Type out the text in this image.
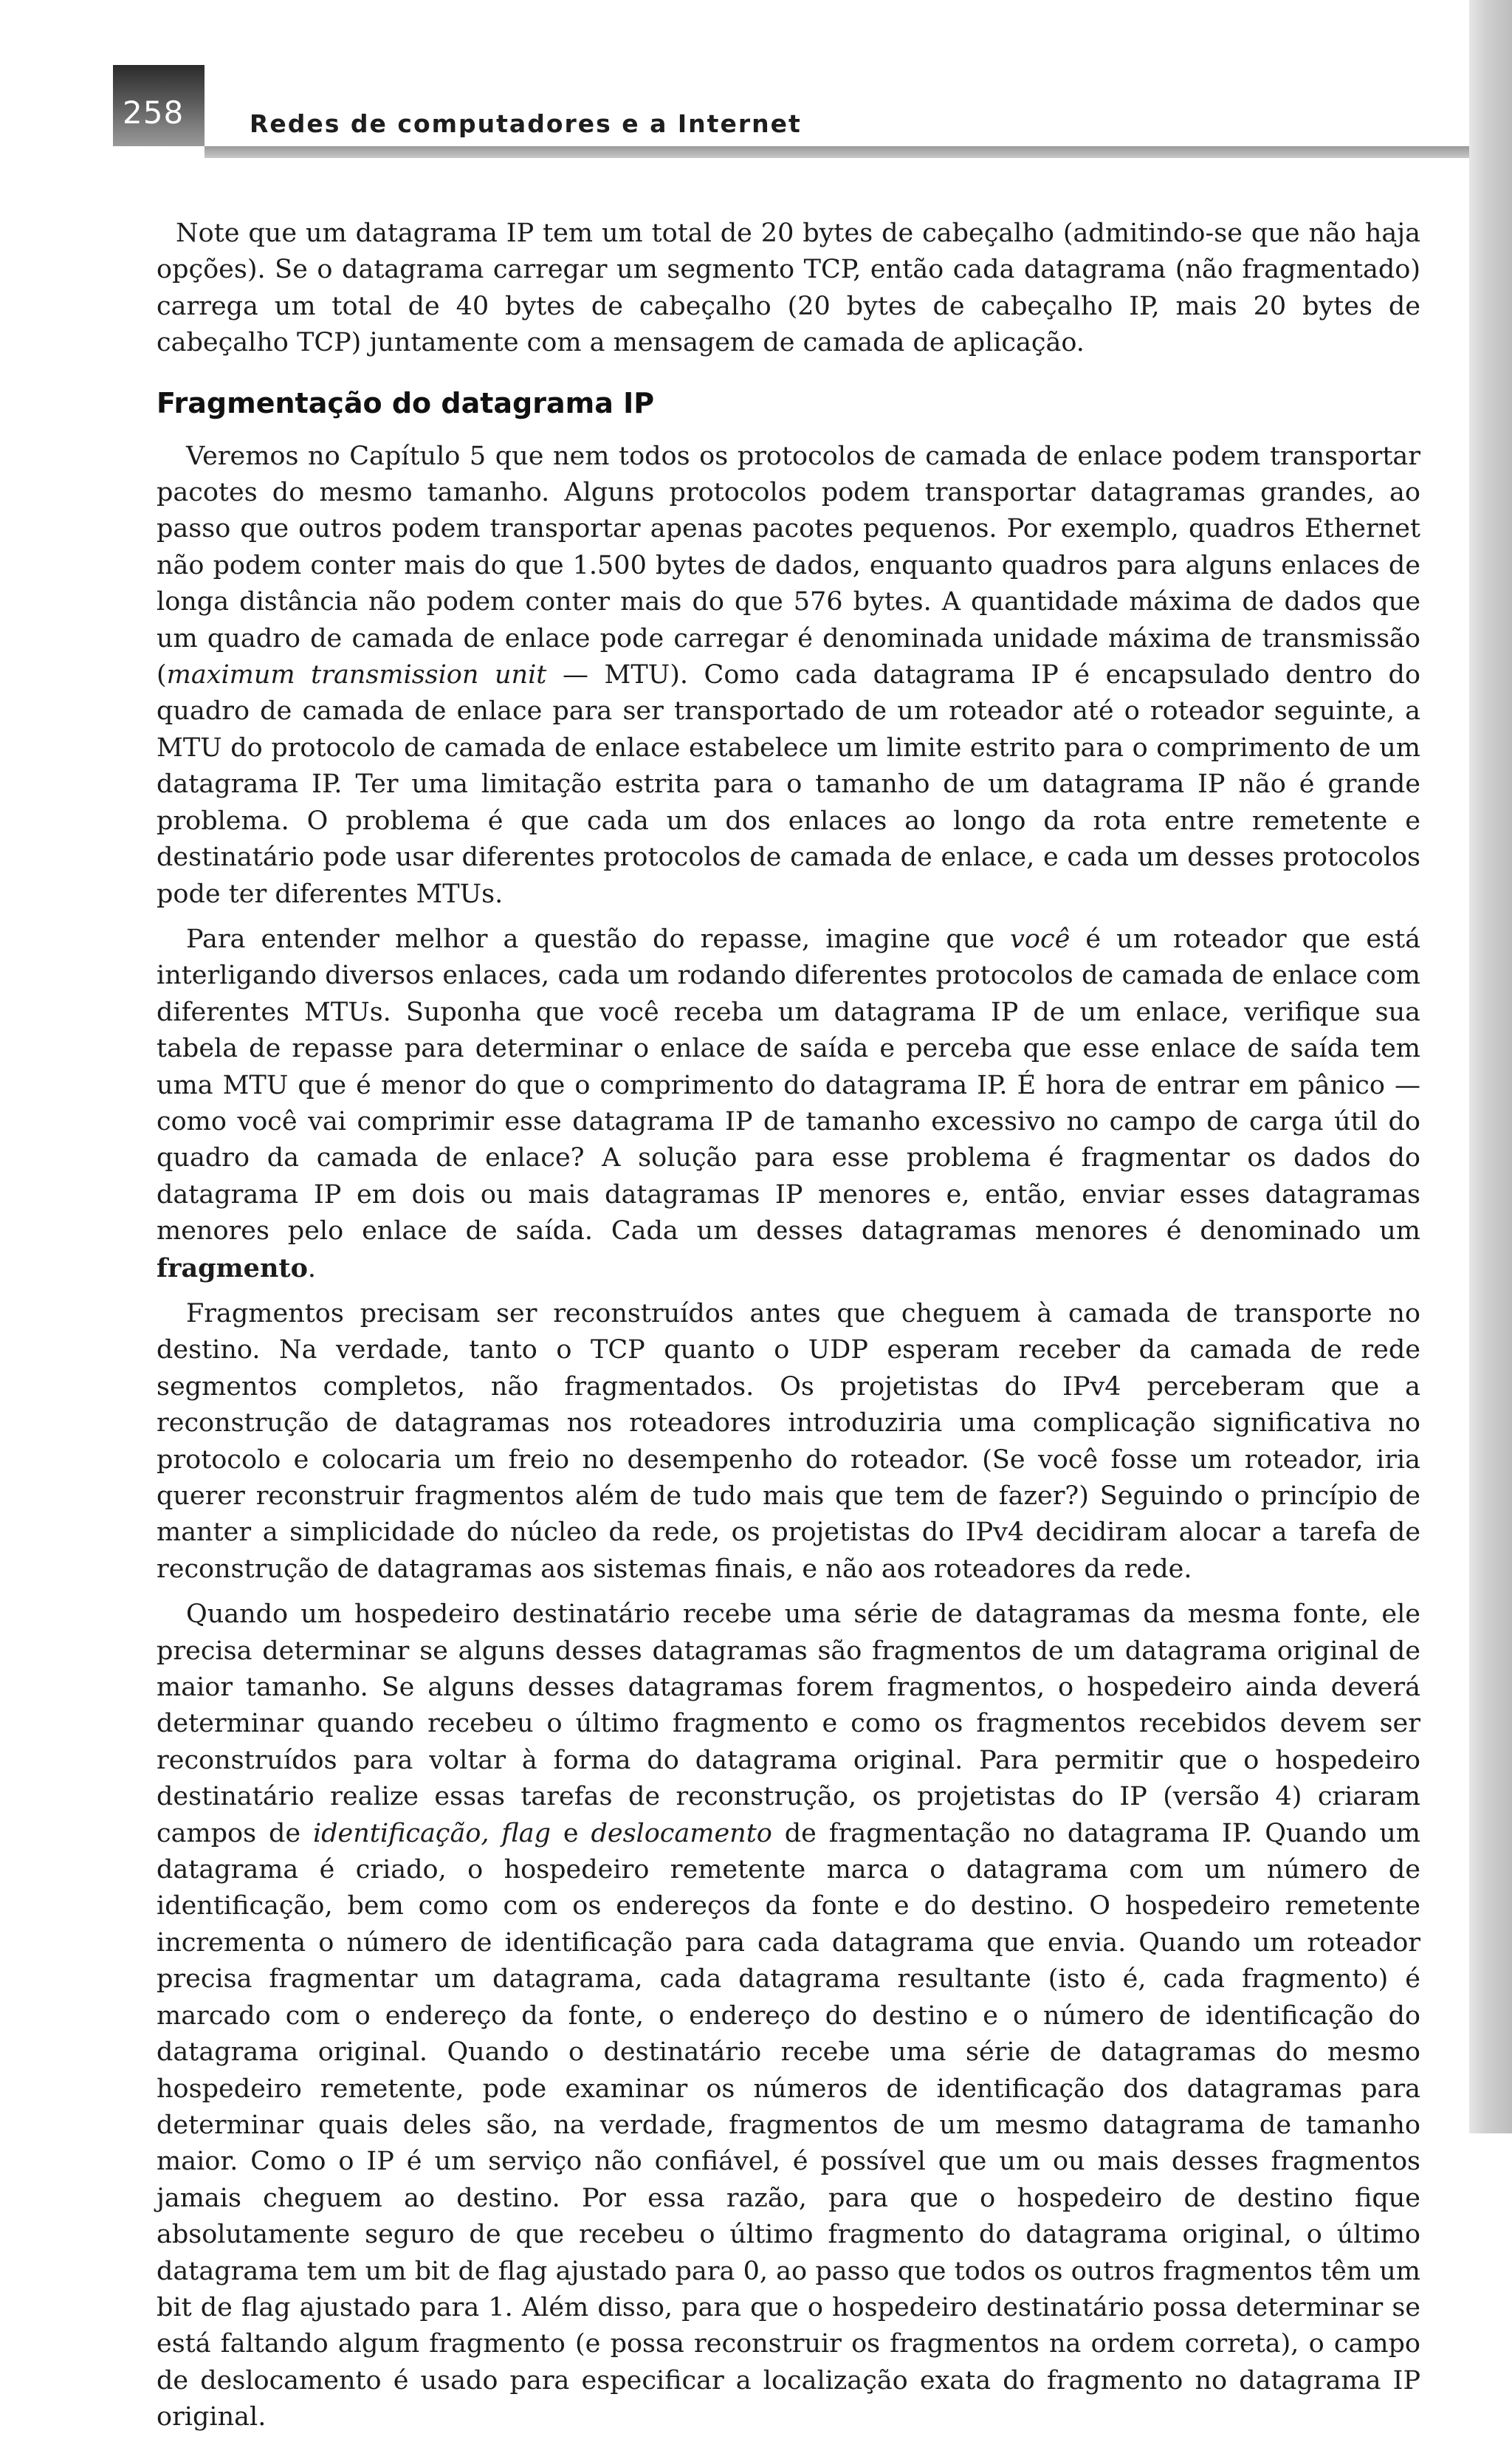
258	Redes de computadores e a Internet

Note que um datagrama IP tem um total de 20 bytes de cabeçalho (admitindo-se que não haja opções). Se o datagrama carregar um segmento TCP, então cada datagrama (não fragmentado) carrega um total de 40 bytes de cabeçalho (20 bytes de cabeçalho IP, mais 20 bytes de cabeçalho TCP) juntamente com a mensagem de camada de aplicação.

Fragmentação do datagrama IP

Veremos no Capítulo 5 que nem todos os protocolos de camada de enlace podem transportar pacotes do mesmo tamanho. Alguns protocolos podem transportar datagramas grandes, ao passo que outros podem transportar apenas pacotes pequenos. Por exemplo, quadros Ethernet não podem conter mais do que 1.500 bytes de dados, enquanto quadros para alguns enlaces de longa distância não podem conter mais do que 576 bytes. A quantidade máxima de dados que um quadro de camada de enlace pode carregar é denominada unidade máxima de transmissão (maximum transmission unit — MTU). Como cada datagrama IP é encapsulado dentro do quadro de camada de enlace para ser transportado de um roteador até o roteador seguinte, a MTU do protocolo de camada de enlace estabelece um limite estrito para o comprimento de um datagrama IP. Ter uma limitação estrita para o tamanho de um datagrama IP não é grande problema. O problema é que cada um dos enlaces ao longo da rota entre remetente e destinatário pode usar diferentes protocolos de camada de enlace, e cada um desses protocolos pode ter diferentes MTUs.

Para entender melhor a questão do repasse, imagine que você é um roteador que está interligando diversos enlaces, cada um rodando diferentes protocolos de camada de enlace com diferentes MTUs. Suponha que você receba um datagrama IP de um enlace, verifique sua tabela de repasse para determinar o enlace de saída e perceba que esse enlace de saída tem uma MTU que é menor do que o comprimento do datagrama IP. É hora de entrar em pânico — como você vai comprimir esse datagrama IP de tamanho excessivo no campo de carga útil do quadro da camada de enlace? A solução para esse problema é fragmentar os dados do datagrama IP em dois ou mais datagramas IP menores e, então, enviar esses datagramas menores pelo enlace de saída. Cada um desses datagramas menores é denominado um fragmento.

Fragmentos precisam ser reconstruídos antes que cheguem à camada de transporte no destino. Na verdade, tanto o TCP quanto o UDP esperam receber da camada de rede segmentos completos, não fragmentados. Os projetistas do IPv4 perceberam que a reconstrução de datagramas nos roteadores introduziria uma complicação significativa no protocolo e colocaria um freio no desempenho do roteador. (Se você fosse um roteador, iria querer reconstruir fragmentos além de tudo mais que tem de fazer?) Seguindo o princípio de manter a simplicidade do núcleo da rede, os projetistas do IPv4 decidiram alocar a tarefa de reconstrução de datagramas aos sistemas finais, e não aos roteadores da rede.

Quando um hospedeiro destinatário recebe uma série de datagramas da mesma fonte, ele precisa determinar se alguns desses datagramas são fragmentos de um datagrama original de maior tamanho. Se alguns desses datagramas forem fragmentos, o hospedeiro ainda deverá determinar quando recebeu o último fragmento e como os fragmentos recebidos devem ser reconstruídos para voltar à forma do datagrama original. Para permitir que o hospedeiro destinatário realize essas tarefas de reconstrução, os projetistas do IP (versão 4) criaram campos de identificação, flag e deslocamento de fragmentação no datagrama IP. Quando um datagrama é criado, o hospedeiro remetente marca o datagrama com um número de identificação, bem como com os endereços da fonte e do destino. O hospedeiro remetente incrementa o número de identificação para cada datagrama que envia. Quando um roteador precisa fragmentar um datagrama, cada datagrama resultante (isto é, cada fragmento) é marcado com o endereço da fonte, o endereço do destino e o número de identificação do datagrama original. Quando o destinatário recebe uma série de datagramas do mesmo hospedeiro remetente, pode examinar os números de identificação dos datagramas para determinar quais deles são, na verdade, fragmentos de um mesmo datagrama de tamanho maior. Como o IP é um serviço não confiável, é possível que um ou mais desses fragmentos jamais cheguem ao destino. Por essa razão, para que o hospedeiro de destino fique absolutamente seguro de que recebeu o último fragmento do datagrama original, o último datagrama tem um bit de flag ajustado para 0, ao passo que todos os outros fragmentos têm um bit de flag ajustado para 1. Além disso, para que o hospedeiro destinatário possa determinar se está faltando algum fragmento (e possa reconstruir os fragmentos na ordem correta), o campo de deslocamento é usado para especificar a localização exata do fragmento no datagrama IP original.
